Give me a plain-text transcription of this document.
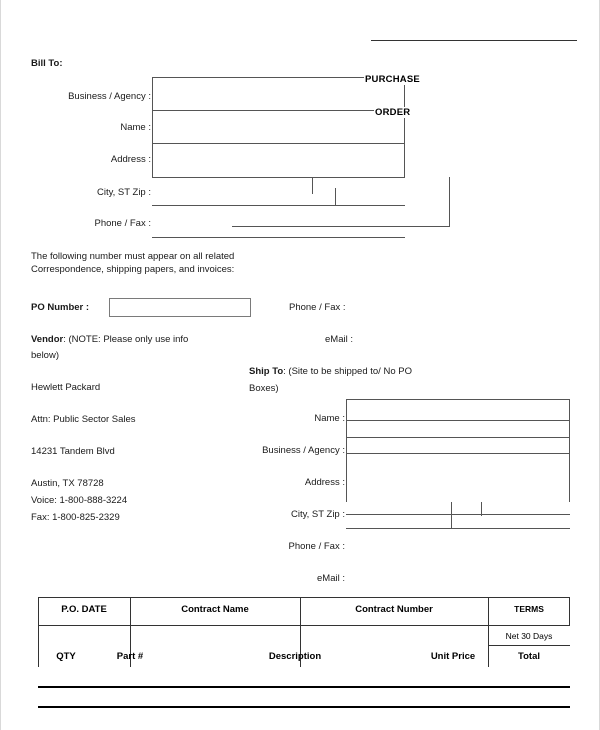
Bill To:
PURCHASE
ORDER
Business / Agency :
Name :
Address :
City, ST Zip :
Phone / Fax :
The following number must appear on all related
Correspondence, shipping papers, and invoices:
PO Number :	Phone / Fax :
eMail :
Vendor: (NOTE: Please only use info
below)
Hewlett Packard
Attn: Public Sector Sales
14231 Tandem Blvd
Austin, TX 78728
Voice: 1-800-888-3224
Fax: 1-800-825-2329
Ship To: (Site to be shipped to/ No PO
Boxes)
Name :
Business / Agency :
Address :
City, ST Zip :
Phone / Fax :
eMail :
P.O. DATE	Contract Name	Contract Number	TERMS
Net 30 Days
QTY	Part #	Description	Unit Price	Total
